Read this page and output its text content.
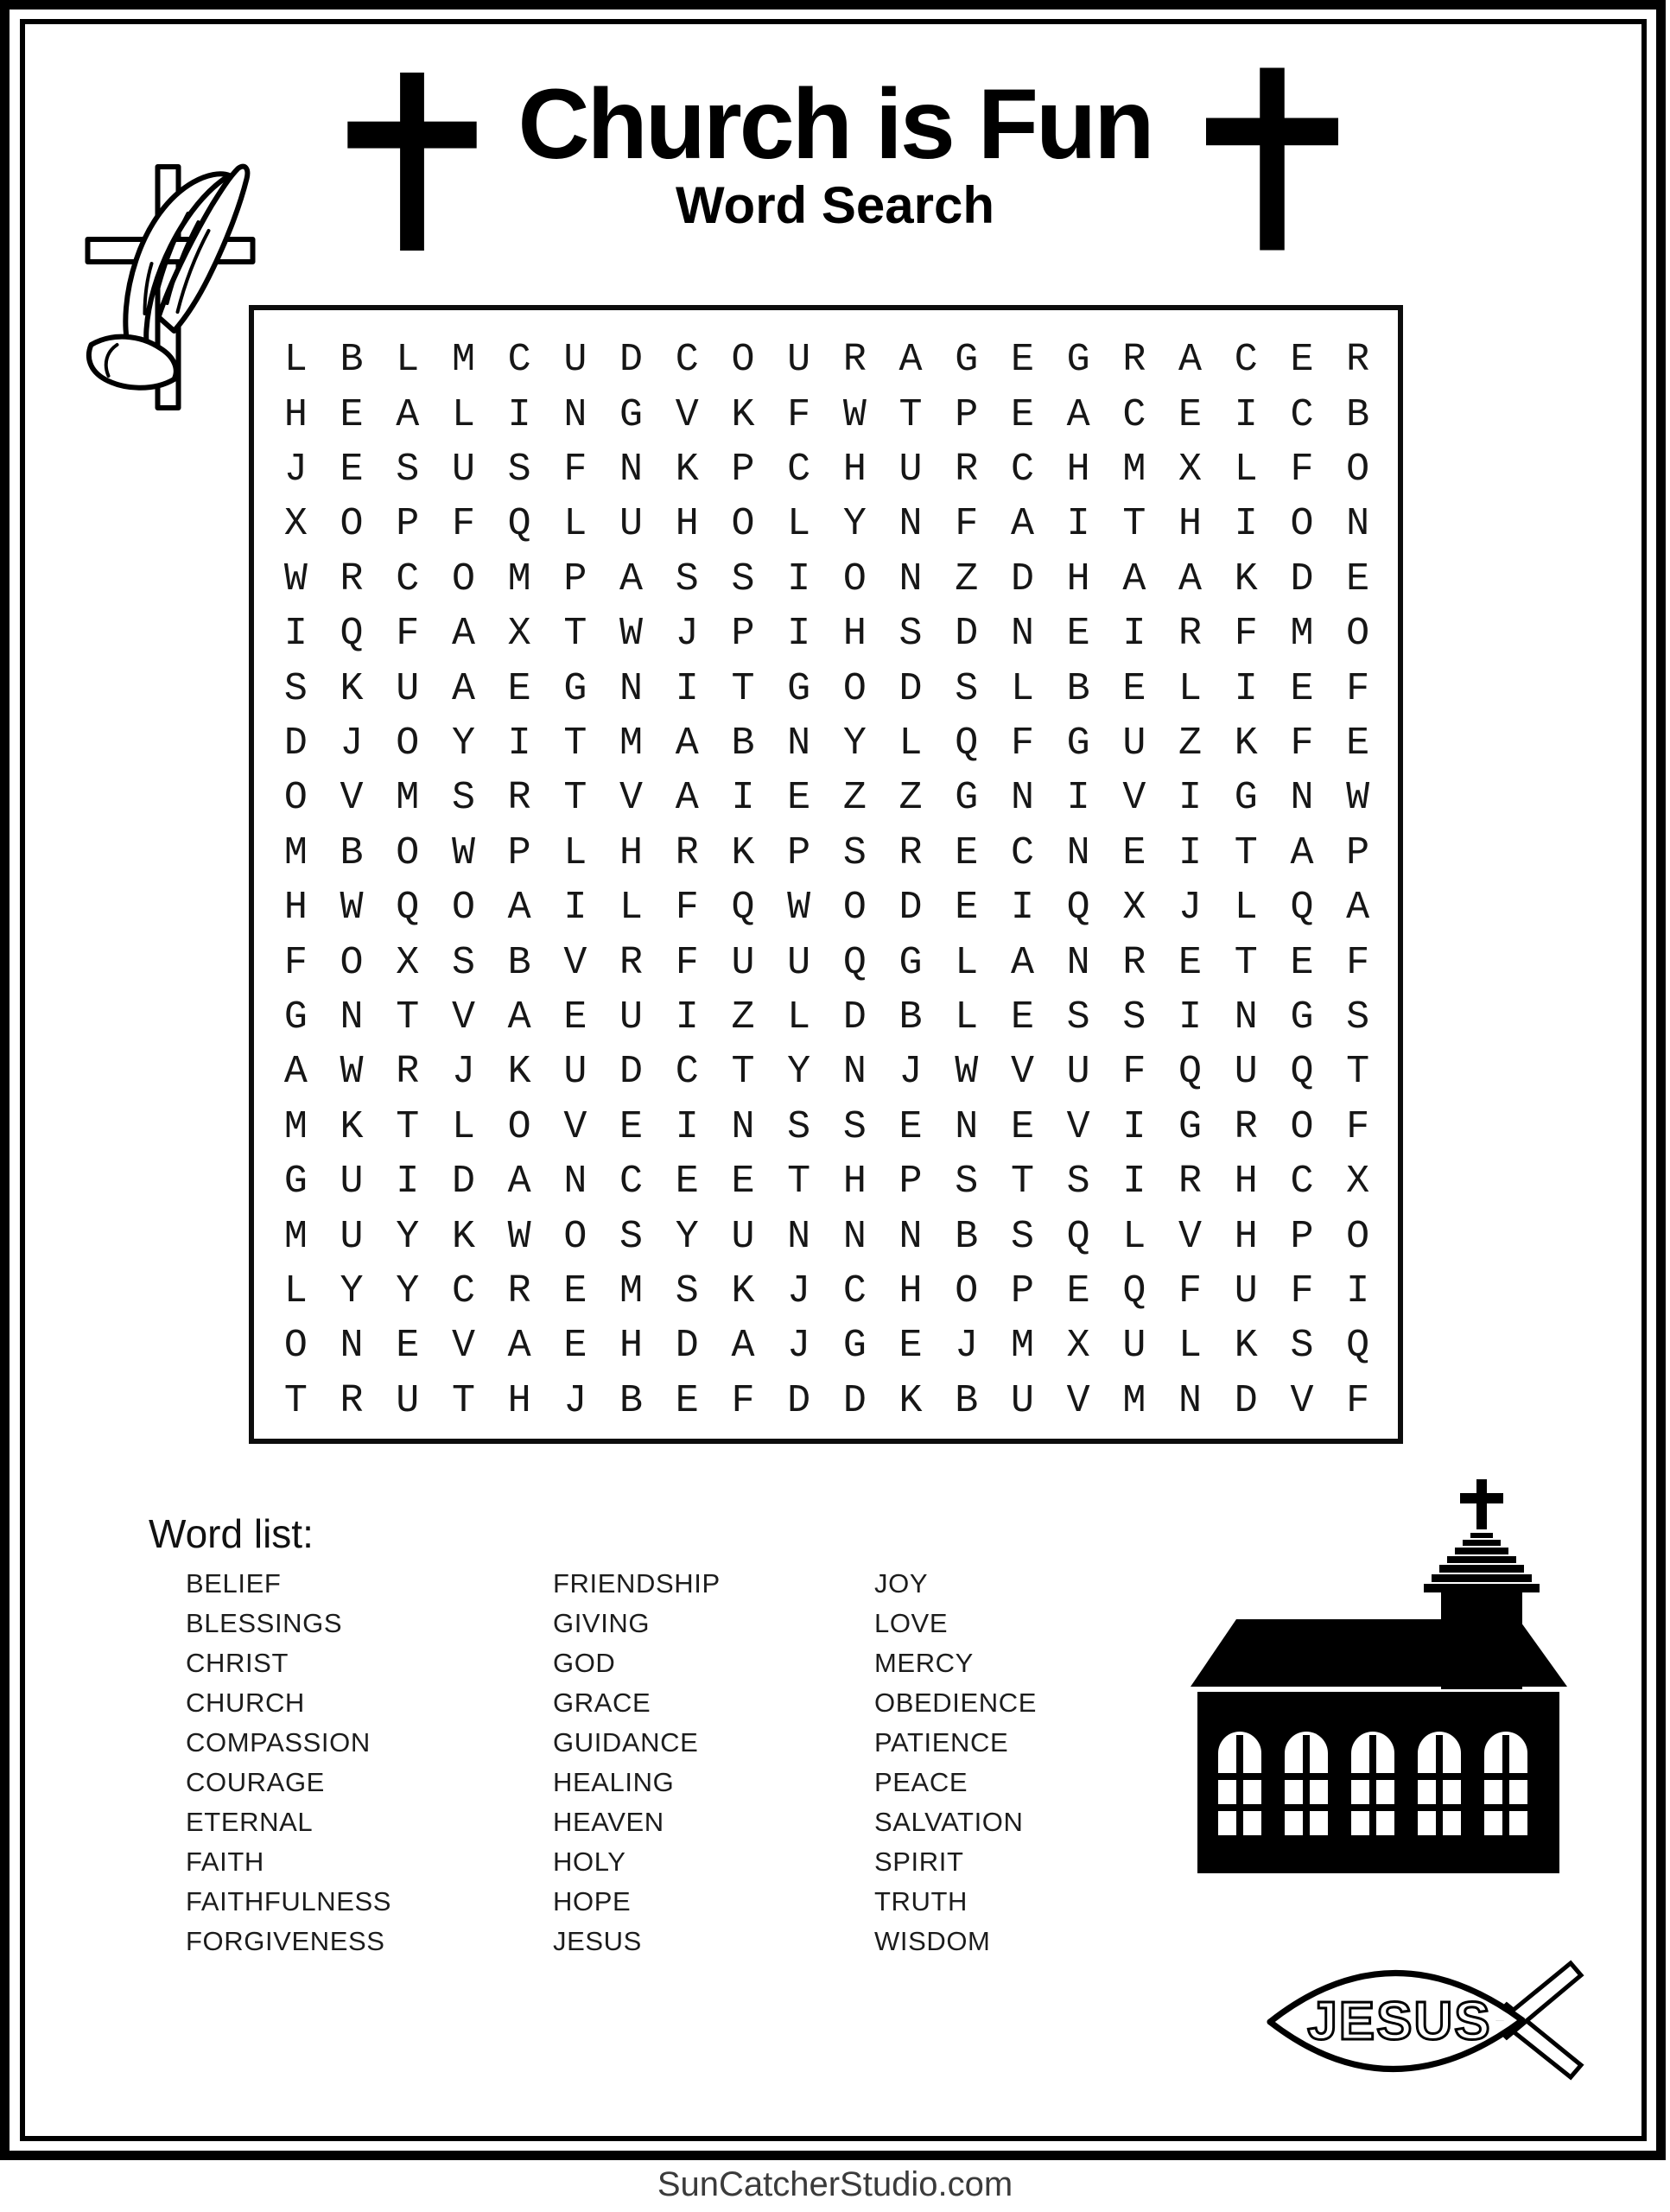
Church is Fun
Word Search
L B L M C U D C O U R A G E G R A C E R
H E A L I N G V K F W T P E A C E I C B
J E S U S F N K P C H U R C H M X L F O
X O P F Q L U H O L Y N F A I T H I O N
W R C O M P A S S I O N Z D H A A K D E
I Q F A X T W J P I H S D N E I R F M O
S K U A E G N I T G O D S L B E L I E F
D J O Y I T M A B N Y L Q F G U Z K F E
O V M S R T V A I E Z Z G N I V I G N W
M B O W P L H R K P S R E C N E I T A P
H W Q O A I L F Q W O D E I Q X J L Q A
F O X S B V R F U U Q G L A N R E T E F
G N T V A E U I Z L D B L E S S I N G S
A W R J K U D C T Y N J W V U F Q U Q T
M K T L O V E I N S S E N E V I G R O F
G U I D A N C E E T H P S T S I R H C X
M U Y K W O S Y U N N N B S Q L V H P O
L Y Y C R E M S K J C H O P E Q F U F I
O N E V A E H D A J G E J M X U L K S Q
T R U T H J B E F D D K B U V M N D V F
Word list:
BELIEF
BLESSINGS
CHRIST
CHURCH
COMPASSION
COURAGE
ETERNAL
FAITH
FAITHFULNESS
FORGIVENESS
FRIENDSHIP
GIVING
GOD
GRACE
GUIDANCE
HEALING
HEAVEN
HOLY
HOPE
JESUS
JOY
LOVE
MERCY
OBEDIENCE
PATIENCE
PEACE
SALVATION
SPIRIT
TRUTH
WISDOM
JESUS
SunCatcherStudio.com
